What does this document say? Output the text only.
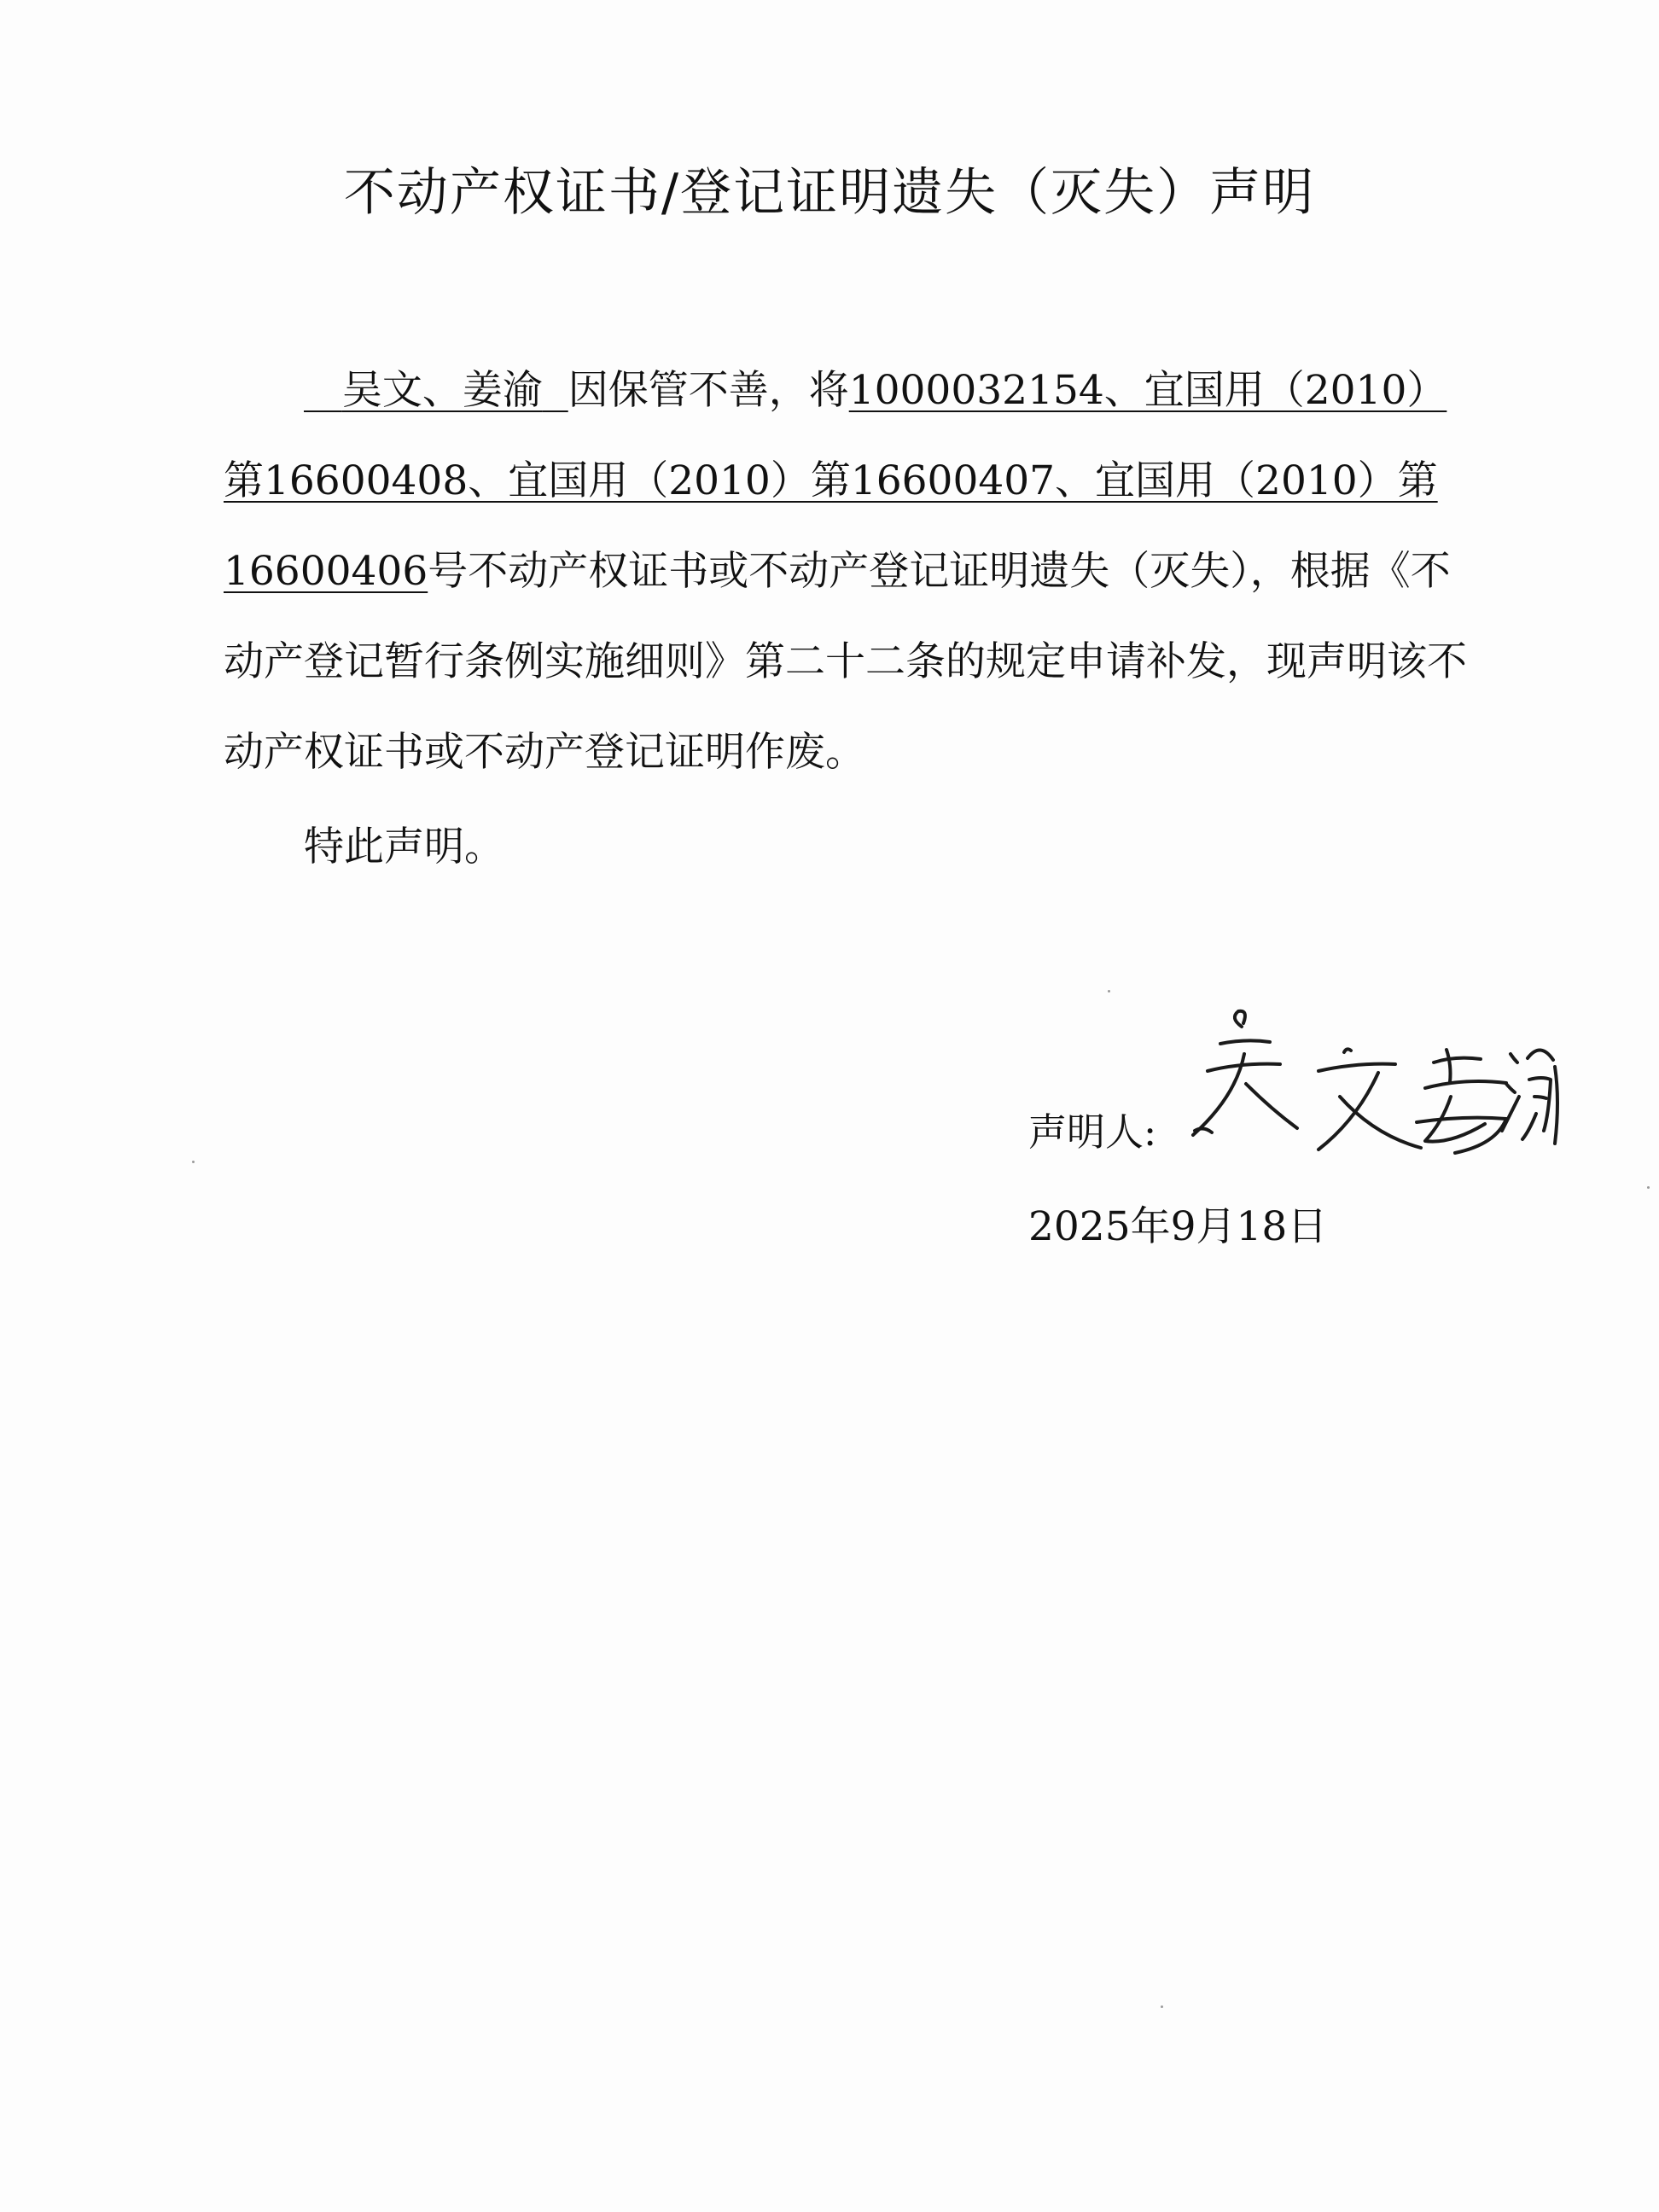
不动产权证书/登记证明遗失（灭失）声明

吴文、姜渝 因保管不善，将1000032154、宜国用（2010）第16600408、宜国用（2010）第16600407、宜国用（2010）第16600406号不动产权证书或不动产登记证明遗失（灭失），根据《不动产登记暂行条例实施细则》第二十二条的规定申请补发，现声明该不动产权证书或不动产登记证明作废。

特此声明。
声明人:
2025年9月18日
